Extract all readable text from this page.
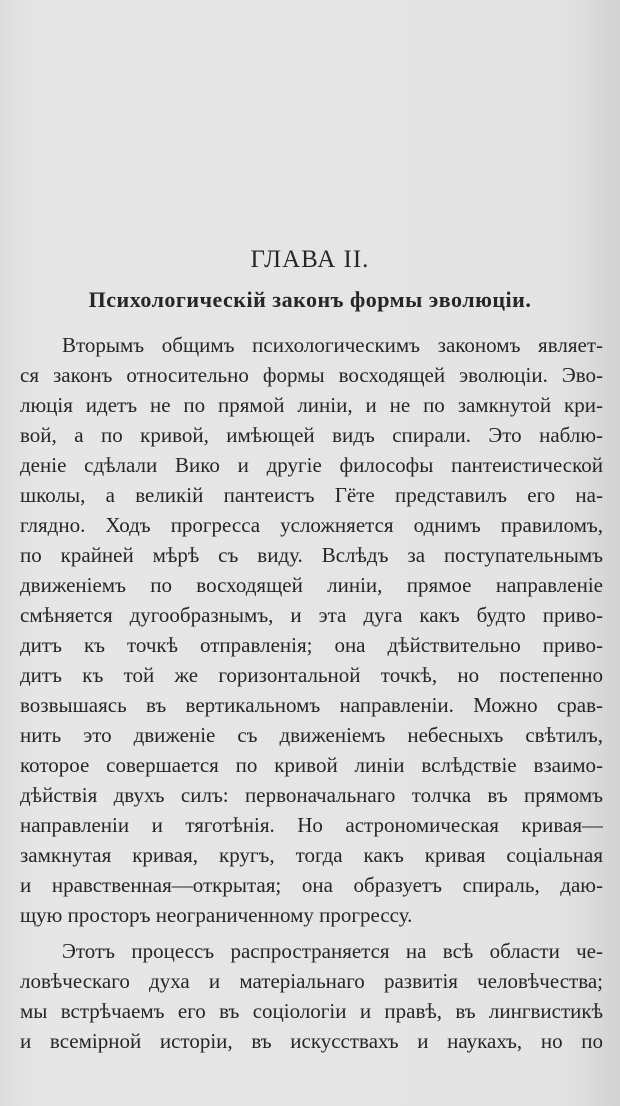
ГЛАВА II.
Психологическій законъ формы эволюціи.
Вторымъ общимъ психологическимъ закономъ являет-
ся законъ относительно формы восходящей эволюціи. Эво-
люція идетъ не по прямой линіи, и не по замкнутой кри-
вой, а по кривой, имѣющей видъ спирали. Это наблю-
деніе сдѣлали Вико и другіе философы пантеистической
школы, а великій пантеистъ Гёте представилъ его на-
глядно. Ходъ прогресса усложняется однимъ правиломъ,
по крайней мѣрѣ съ виду. Вслѣдъ за поступательнымъ
движеніемъ по восходящей линіи, прямое направленіе
смѣняется дугообразнымъ, и эта дуга какъ будто приво-
дитъ къ точкѣ отправленія; она дѣйствительно приво-
дитъ къ той же горизонтальной точкѣ, но постепенно
возвышаясь въ вертикальномъ направленіи. Можно срав-
нить это движеніе съ движеніемъ небесныхъ свѣтилъ,
которое совершается по кривой линіи вслѣдствіе взаимо-
дѣйствія двухъ силъ: первоначальнаго толчка въ прямомъ
направленіи и тяготѣнія. Но астрономическая кривая—
замкнутая кривая, кругъ, тогда какъ кривая соціальная
и нравственная—открытая; она образуетъ спираль, даю-
щую просторъ неограниченному прогрессу.
Этотъ процессъ распространяется на всѣ области че-
ловѣческаго духа и матеріальнаго развитія человѣчества;
мы встрѣчаемъ его въ соціологіи и правѣ, въ лингвистикѣ
и всемірной исторіи, въ искусствахъ и наукахъ, но по
